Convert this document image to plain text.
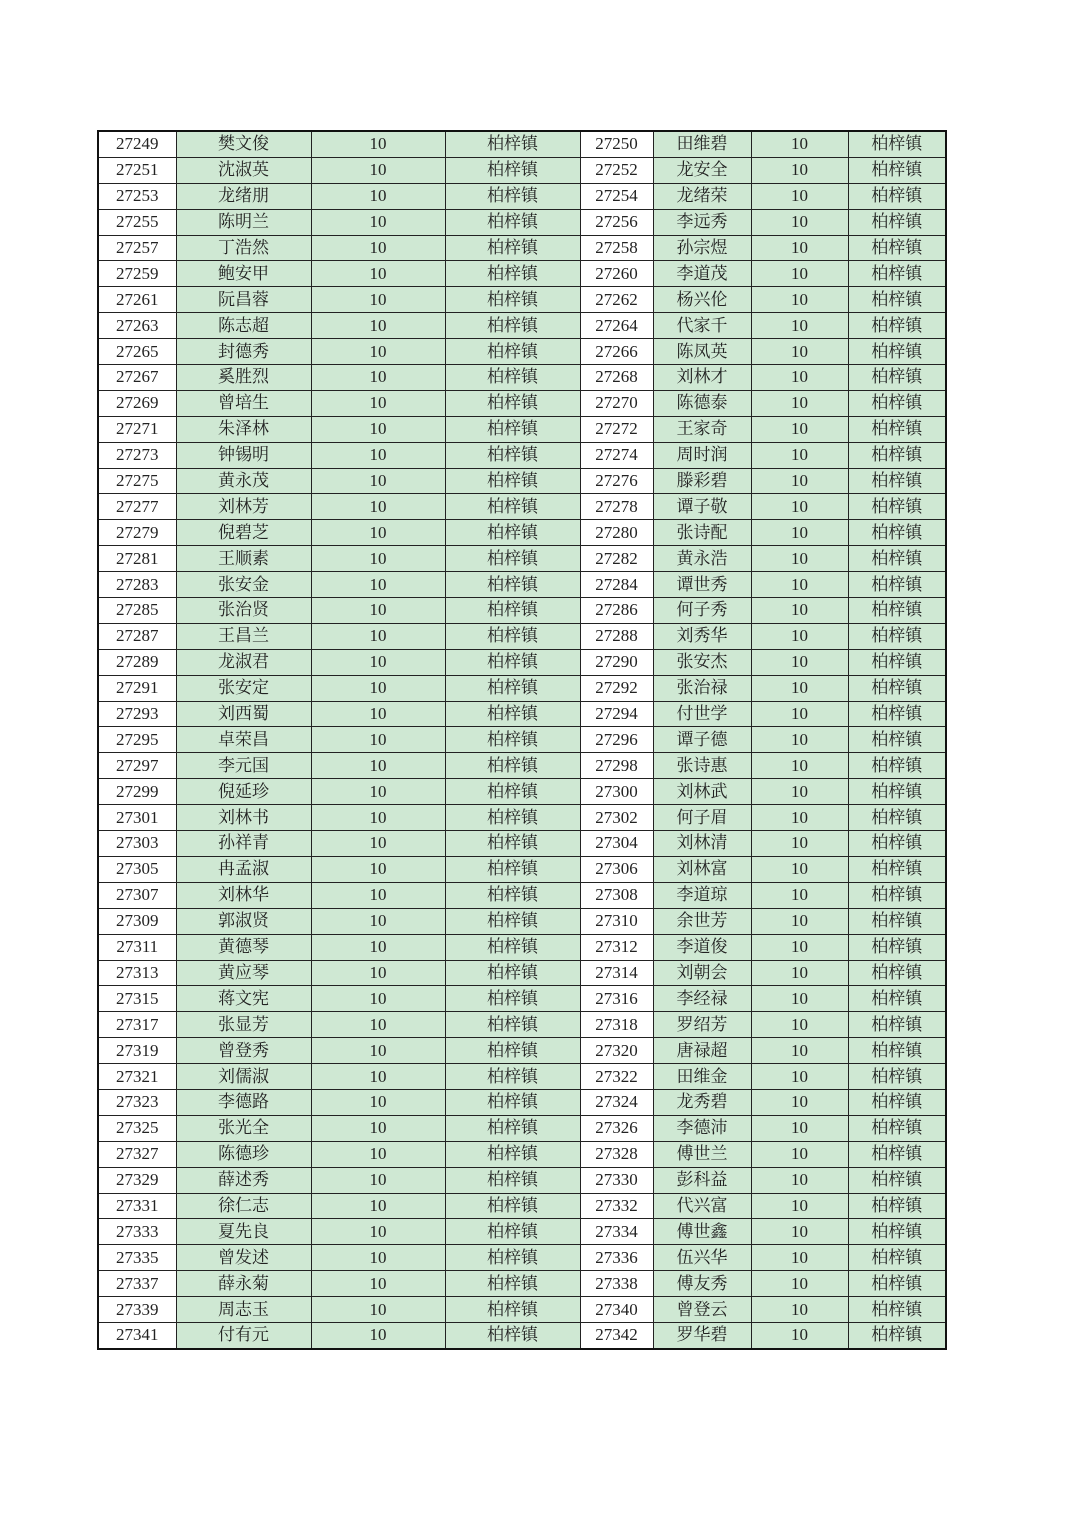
27249	樊文俊	10	柏梓镇	27250	田维碧	10	柏梓镇
27251	沈淑英	10	柏梓镇	27252	龙安全	10	柏梓镇
27253	龙绪朋	10	柏梓镇	27254	龙绪荣	10	柏梓镇
27255	陈明兰	10	柏梓镇	27256	李远秀	10	柏梓镇
27257	丁浩然	10	柏梓镇	27258	孙宗煜	10	柏梓镇
27259	鲍安甲	10	柏梓镇	27260	李道茂	10	柏梓镇
27261	阮昌蓉	10	柏梓镇	27262	杨兴伦	10	柏梓镇
27263	陈志超	10	柏梓镇	27264	代家千	10	柏梓镇
27265	封德秀	10	柏梓镇	27266	陈凤英	10	柏梓镇
27267	奚胜烈	10	柏梓镇	27268	刘林才	10	柏梓镇
27269	曾培生	10	柏梓镇	27270	陈德泰	10	柏梓镇
27271	朱泽林	10	柏梓镇	27272	王家奇	10	柏梓镇
27273	钟锡明	10	柏梓镇	27274	周时润	10	柏梓镇
27275	黄永茂	10	柏梓镇	27276	滕彩碧	10	柏梓镇
27277	刘林芳	10	柏梓镇	27278	谭子敬	10	柏梓镇
27279	倪碧芝	10	柏梓镇	27280	张诗配	10	柏梓镇
27281	王顺素	10	柏梓镇	27282	黄永浩	10	柏梓镇
27283	张安金	10	柏梓镇	27284	谭世秀	10	柏梓镇
27285	张治贤	10	柏梓镇	27286	何子秀	10	柏梓镇
27287	王昌兰	10	柏梓镇	27288	刘秀华	10	柏梓镇
27289	龙淑君	10	柏梓镇	27290	张安杰	10	柏梓镇
27291	张安定	10	柏梓镇	27292	张治禄	10	柏梓镇
27293	刘西蜀	10	柏梓镇	27294	付世学	10	柏梓镇
27295	卓荣昌	10	柏梓镇	27296	谭子德	10	柏梓镇
27297	李元国	10	柏梓镇	27298	张诗惠	10	柏梓镇
27299	倪延珍	10	柏梓镇	27300	刘林武	10	柏梓镇
27301	刘林书	10	柏梓镇	27302	何子眉	10	柏梓镇
27303	孙祥青	10	柏梓镇	27304	刘林清	10	柏梓镇
27305	冉孟淑	10	柏梓镇	27306	刘林富	10	柏梓镇
27307	刘林华	10	柏梓镇	27308	李道琼	10	柏梓镇
27309	郭淑贤	10	柏梓镇	27310	余世芳	10	柏梓镇
27311	黄德琴	10	柏梓镇	27312	李道俊	10	柏梓镇
27313	黄应琴	10	柏梓镇	27314	刘朝会	10	柏梓镇
27315	蒋文宪	10	柏梓镇	27316	李经禄	10	柏梓镇
27317	张显芳	10	柏梓镇	27318	罗绍芳	10	柏梓镇
27319	曾登秀	10	柏梓镇	27320	唐禄超	10	柏梓镇
27321	刘儒淑	10	柏梓镇	27322	田维金	10	柏梓镇
27323	李德路	10	柏梓镇	27324	龙秀碧	10	柏梓镇
27325	张光全	10	柏梓镇	27326	李德沛	10	柏梓镇
27327	陈德珍	10	柏梓镇	27328	傅世兰	10	柏梓镇
27329	薛述秀	10	柏梓镇	27330	彭科益	10	柏梓镇
27331	徐仁志	10	柏梓镇	27332	代兴富	10	柏梓镇
27333	夏先良	10	柏梓镇	27334	傅世鑫	10	柏梓镇
27335	曾发述	10	柏梓镇	27336	伍兴华	10	柏梓镇
27337	薛永菊	10	柏梓镇	27338	傅友秀	10	柏梓镇
27339	周志玉	10	柏梓镇	27340	曾登云	10	柏梓镇
27341	付有元	10	柏梓镇	27342	罗华碧	10	柏梓镇
